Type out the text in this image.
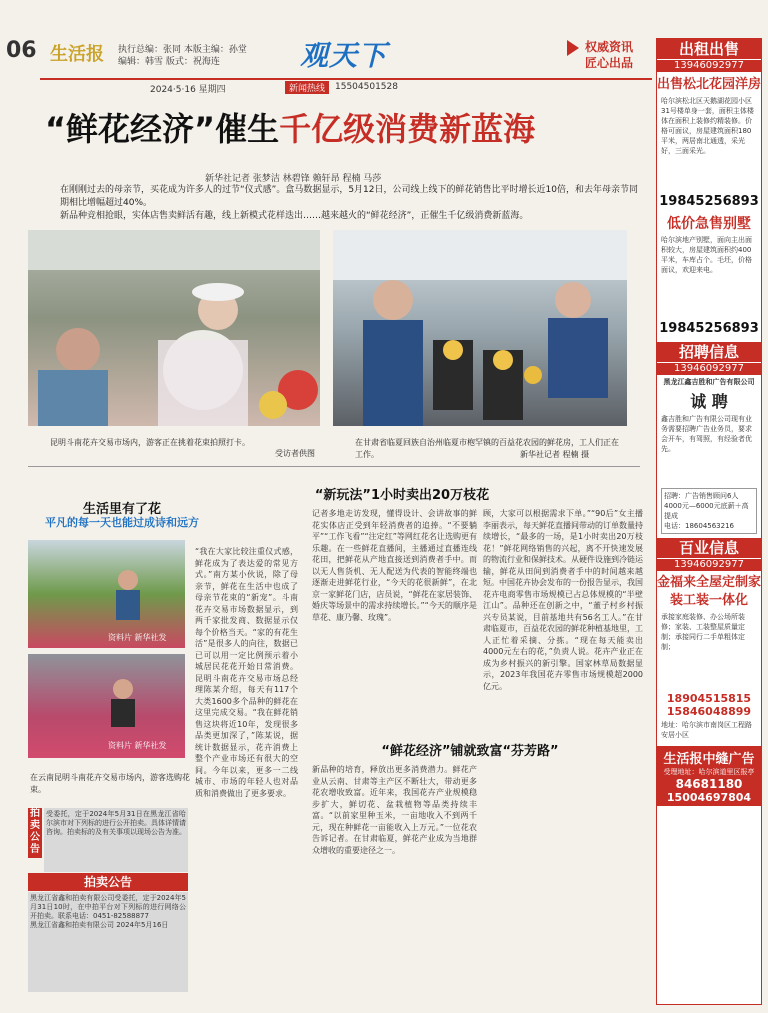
06 生活报 执行总编：张同 本版主编：孙堂
编辑：韩雪 版式：祝海连	观天下	权威资讯
匠心出品
2024·5·16 星期四	新闻热线	15504501528
“鲜花经济”催生千亿级消费新蓝海
新华社记者 张梦洁 林碧锋 赖轩昂 程楠 马莎
在刚刚过去的母亲节，买花成为许多人的过节“仪式感”。盒马数据显示，5月12日，公司线上线下的鲜花销售比平时增长近10倍，和去年母亲节同期相比增幅超过40%。
新品种竞相抢眼，实体店售卖鲜活有趣，线上新模式花样迭出……越来越火的“鲜花经济”，正催生千亿级消费新蓝海。
昆明斗南花卉交易市场内，游客正在挑着花束拍照打卡。
受访者供图
在甘肃省临夏回族自治州临夏市枹罕镇的百益花农园的鲜花房，工人们正在工作。	新华社记者 程楠 摄
生活里有了花
平凡的每一天也能过成诗和远方
资料片 新华社发
资料片 新华社发
在云南昆明斗南花卉交易市场内，游客选购花束。
“我在大家比较注重仪式感，鲜花成为了表达爱的常见方式。”南方某小伙说，除了母亲节，鲜花在生活中也成了母亲节花束的“新宠”。斗南花卉交易市场数据显示，到两千家批发商、数据显示仅每个价格当天。“家的有花生活”是很多人的向往，数据已已可以用一定比例预示着小城居民花花开始日常消费。昆明斗南花卉交易市场总经理陈某介绍，每天有117个大类1600多个品种的鲜花在这里完成交易。“我在鲜花销售这块将近10年，发现很多品类更加深了，”陈某说，据统计数据显示，花卉消费上整个产业市场还有很大的空间。今年以来，更多一二线城市、市场的年轻人也对品质和消费做出了更多要求。
拍卖公告
受委托，定于2024年5月31日在黑龙江省哈尔滨市对下列标的进行公开拍卖。具体详情请咨询。拍卖标的及有关事项以现场公告为准。
拍卖公告
黑龙江省鑫和拍卖有限公司受委托，定于2024年5月31日10时，在中拍平台对下列标的进行网络公开拍卖。联系电话：0451-82588877
黑龙江省鑫和拍卖有限公司 2024年5月16日
“新玩法”1小时卖出20万枝花
记者多地走访发现，懂得设计、会讲故事的鲜花实体店正受到年轻消费者的追捧。“不要躺平”“工作飞看”“注定红”等网红花名让选购更有乐趣。在一些鲜花直播间，主播通过直播连线花田，把鲜花从产地直接送到消费者手中。而以无人售货机、无人配送为代表的智能终端也逐渐走进鲜花行业，“今天的花很新鲜”，在北京一家鲜花门店，店员说，“鲜花在家居装饰、婚庆等场景中的需求持续增长。”“今天的顺序是草花、康乃馨、玫瑰”。
“鲜花经济”铺就致富“芬芳路”
新品种的培育，释放出更多消费潜力。鲜花产业从云南、甘肃等主产区不断壮大，带动更多花农增收致富。近年来，我国花卉产业规模稳步扩大，鲜切花、盆栽植物等品类持续丰富。“以前家里种玉米，一亩地收入不到两千元，现在种鲜花一亩能收入上万元。”一位花农告诉记者。在甘肃临夏，鲜花产业成为当地群众增收的重要途径之一。
顾，大家可以根据需求下单。”“90后”女主播李丽表示，每天鲜花直播间带动的订单数量持续增长，“最多的一场，是1小时卖出20万枝花！”鲜花网络销售的兴起，离不开快速发展的物流行业和保鲜技术。从硬件设施到冷链运输，鲜花从田间到消费者手中的时间越来越短。中国花卉协会发布的一份报告显示，我国花卉电商零售市场规模已占总体规模的“半壁江山”。品种还在创新之中，“董子村乡村振兴专员某说，目前基地共有56名工人。”在甘肃临夏市，百益花农园的鲜花种植基地里，工人正忙着采摘、分拣。“现在每天能卖出4000元左右的花，”负责人说。花卉产业正在成为乡村振兴的新引擎。国家林草局数据显示，2023年我国花卉零售市场规模超2000亿元。
出租出售
13946092977
出售松北花园洋房
哈尔滨松北区天鹅湖花园小区31号楼单身一套，面积主体楼体在面积上装修约精装修。价格可面议，房屋建筑面积180平米，两居南北通透，采光好，三面采光。
19845256893
低价急售别墅
哈尔滨地产别墅，面向主出面积较大，房屋建筑面积约400平米，车库占个。毛坯，价格面议，欢迎来电。
19845256893
招聘信息
13946092977
黑龙江鑫吉胜和广告有限公司
诚 聘
鑫吉胜和广告有限公司现有业务需要招聘广告业务员，要求会开车，有驾照，有经验者优先。
招聘：广告销售顾问6人
4000元—6000元底薪＋高提成
电话：18604563216
百业信息
13946092977
金福来全屋定制家装工装一体化
承接家庭装修、办公场所装修；家装、工装整屋质量定制；承接同行二手单粗体定制；
18904515815
15846048899
地址：哈尔滨市南岗区工程路安居小区
生活报中缝广告
受理地址：哈尔滨道里区报亭
84681180
15004697804
